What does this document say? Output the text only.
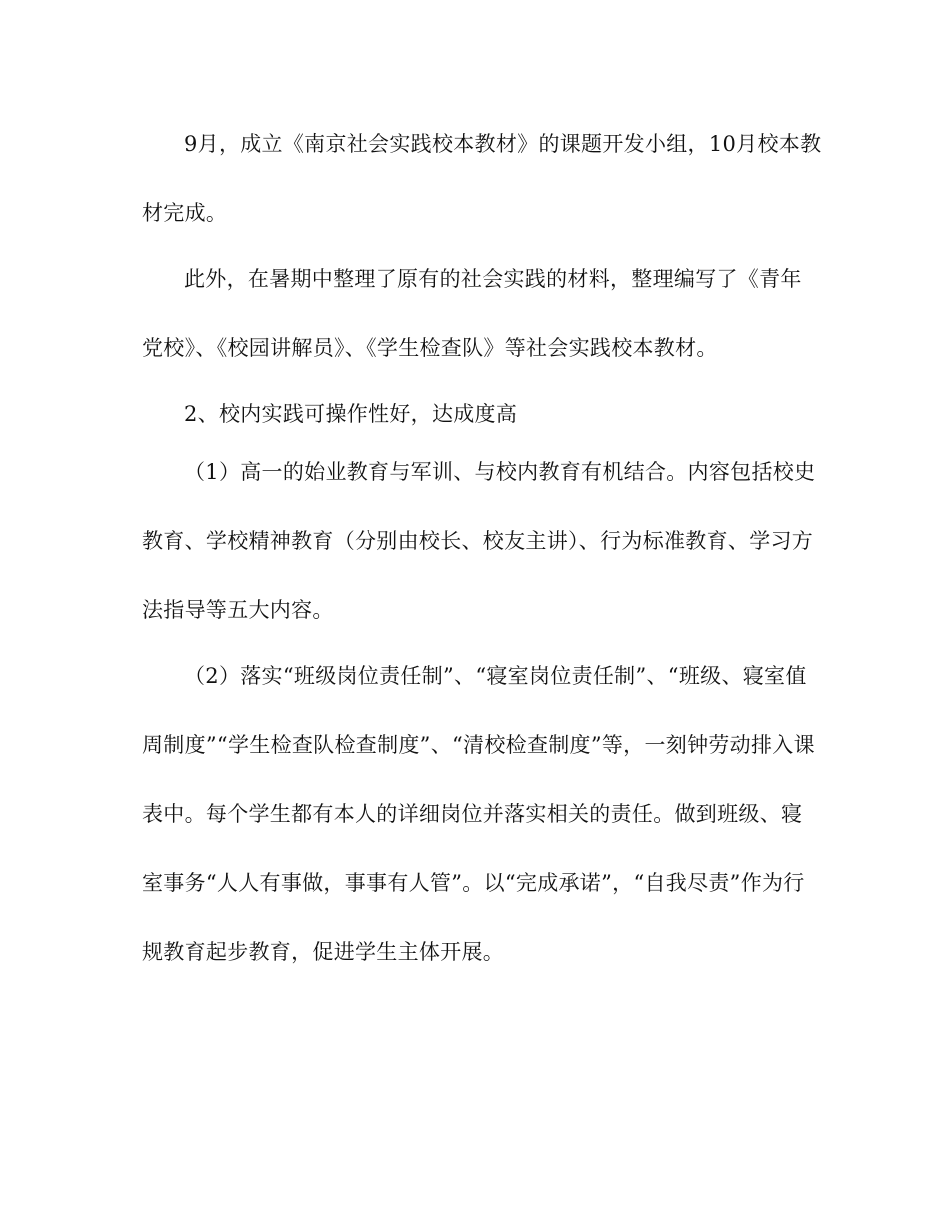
9月，成立《南京社会实践校本教材》的课题开发小组，10月校本教材完成。

此外，在暑期中整理了原有的社会实践的材料，整理编写了《青年党校》、《校园讲解员》、《学生检查队》等社会实践校本教材。

2、校内实践可操作性好，达成度高

（1）高一的始业教育与军训、与校内教育有机结合。内容包括校史教育、学校精神教育（分别由校长、校友主讲）、行为标准教育、学习方法指导等五大内容。

（2）落实“班级岗位责任制”、“寝室岗位责任制”、“班级、寝室值周制度”“学生检查队检查制度”、“清校检查制度”等，一刻钟劳动排入课表中。每个学生都有本人的详细岗位并落实相关的责任。做到班级、寝室事务“人人有事做，事事有人管”。以“完成承诺”，“自我尽责”作为行规教育起步教育，促进学生主体开展。
